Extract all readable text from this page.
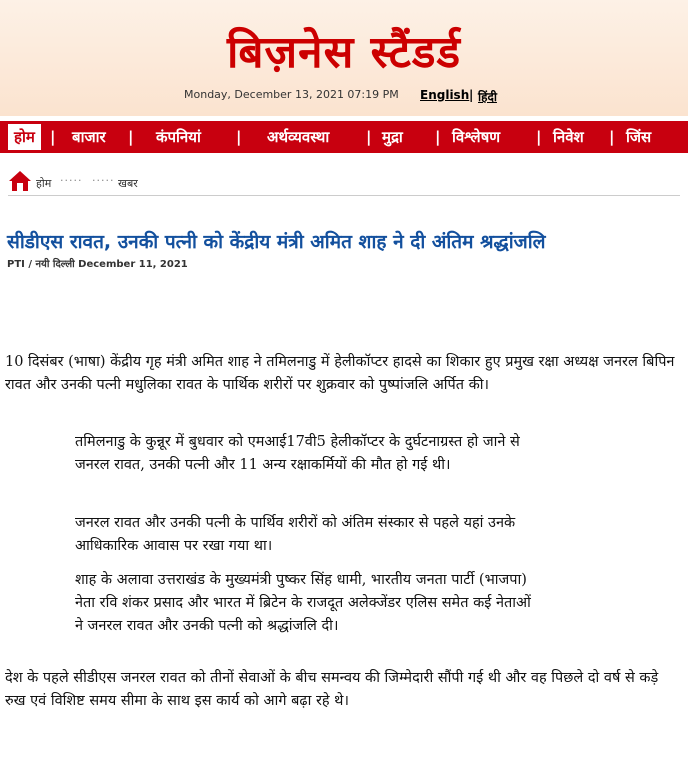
बिज़नेस स्टैंडर्ड
Monday, December 13, 2021 07:19 PM English | हिंदी
होम	| बाजार | कंपनियां | अर्थव्यवस्था | मुद्रा | विश्लेषण | निवेश | जिंस
होम ····· ····· खबर
सीडीएस रावत, उनकी पत्नी को केंद्रीय मंत्री अमित शाह ने दी अंतिम श्रद्धांजलि
PTI / नयी दिल्ली December 11, 2021

10 दिसंबर (भाषा) केंद्रीय गृह मंत्री अमित शाह ने तमिलनाडु में हेलीकॉप्टर हादसे का शिकार हुए प्रमुख रक्षा अध्यक्ष जनरल बिपिन रावत और उनकी पत्नी मधुलिका रावत के पार्थिक शरीरों पर शुक्रवार को पुष्पांजलि अर्पित की।

तमिलनाडु के कुन्नूर में बुधवार को एमआई17वी5 हेलीकॉप्टर के दुर्घटनाग्रस्त हो जाने से जनरल रावत, उनकी पत्नी और 11 अन्य रक्षाकर्मियों की मौत हो गई थी।

जनरल रावत और उनकी पत्नी के पार्थिव शरीरों को अंतिम संस्कार से पहले यहां उनके आधिकारिक आवास पर रखा गया था।

शाह के अलावा उत्तराखंड के मुख्यमंत्री पुष्कर सिंह धामी, भारतीय जनता पार्टी (भाजपा) नेता रवि शंकर प्रसाद और भारत में ब्रिटेन के राजदूत अलेक्जेंडर एलिस समेत कई नेताओं ने जनरल रावत और उनकी पत्नी को श्रद्धांजलि दी।

देश के पहले सीडीएस जनरल रावत को तीनों सेवाओं के बीच समन्वय की जिम्मेदारी सौंपी गई थी और वह पिछले दो वर्ष से कड़े रुख एवं विशिष्ट समय सीमा के साथ इस कार्य को आगे बढ़ा रहे थे।
